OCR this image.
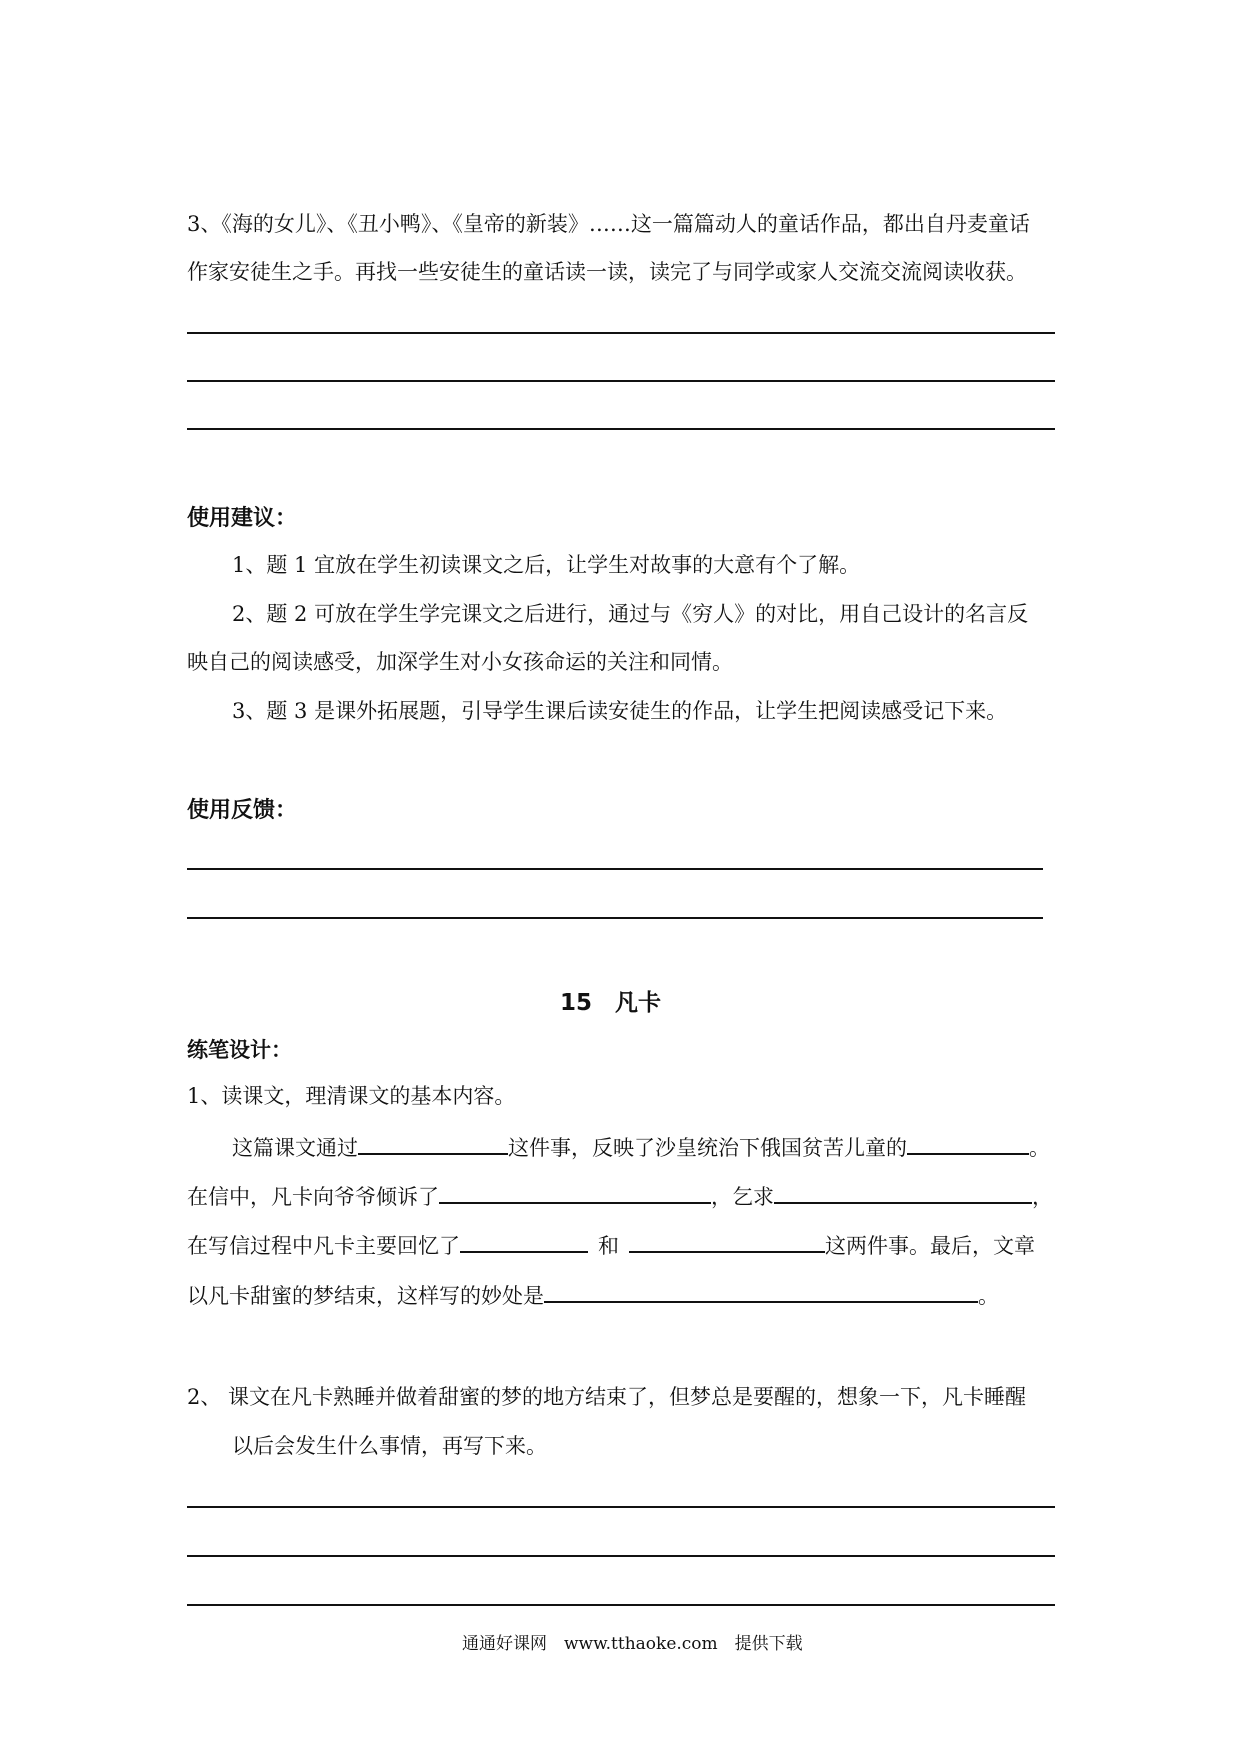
3、《海的女儿》、《丑小鸭》、《皇帝的新装》……这一篇篇动人的童话作品，都出自丹麦童话
作家安徒生之手。再找一些安徒生的童话读一读，读完了与同学或家人交流交流阅读收获。
使用建议：
1、题 1 宜放在学生初读课文之后，让学生对故事的大意有个了解。
2、题 2 可放在学生学完课文之后进行，通过与《穷人》的对比，用自己设计的名言反
映自己的阅读感受，加深学生对小女孩命运的关注和同情。
3、题 3 是课外拓展题，引导学生课后读安徒生的作品，让学生把阅读感受记下来。
使用反馈：
15　凡卡
练笔设计：
1、读课文，理清课文的基本内容。
这篇课文通过	这件事，反映了沙皇统治下俄国贫苦儿童的	。
在信中，凡卡向爷爷倾诉了	，乞求	，
在写信过程中凡卡主要回忆了	和	这两件事。最后，文章
以凡卡甜蜜的梦结束，这样写的妙处是	。
2、 课文在凡卡熟睡并做着甜蜜的梦的地方结束了，但梦总是要醒的，想象一下，凡卡睡醒
以后会发生什么事情，再写下来。
通通好课网　www.tthaoke.com　提供下载
